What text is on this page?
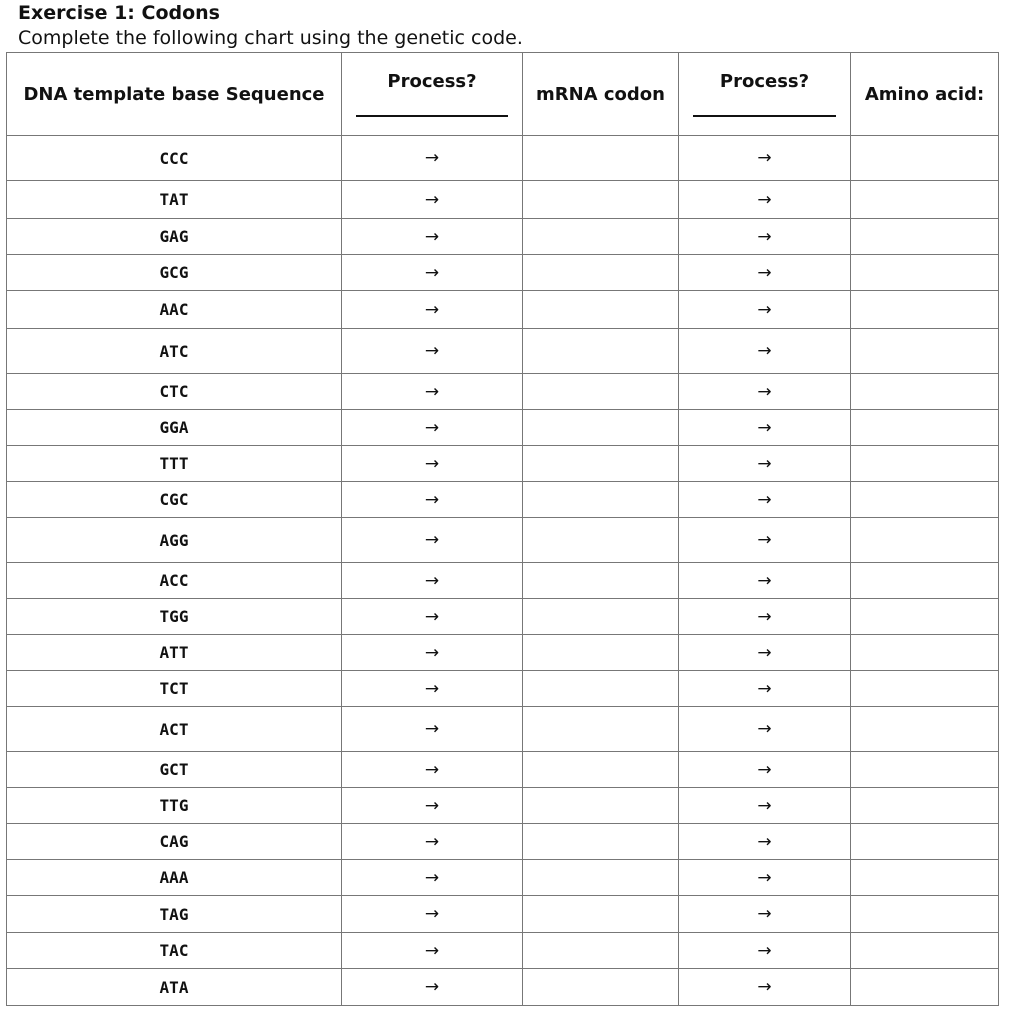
Exercise 1: Codons
Complete the following chart using the genetic code.
DNA template base Sequence	Process?	mRNA codon	Process?	Amino acid:
CCC	→		→	
TAT	→		→	
GAG	→		→	
GCG	→		→	
AAC	→		→	
ATC	→		→	
CTC	→		→	
GGA	→		→	
TTT	→		→	
CGC	→		→	
AGG	→		→	
ACC	→		→	
TGG	→		→	
ATT	→		→	
TCT	→		→	
ACT	→		→	
GCT	→		→	
TTG	→		→	
CAG	→		→	
AAA	→		→	
TAG	→		→	
TAC	→		→	
ATA	→		→	
